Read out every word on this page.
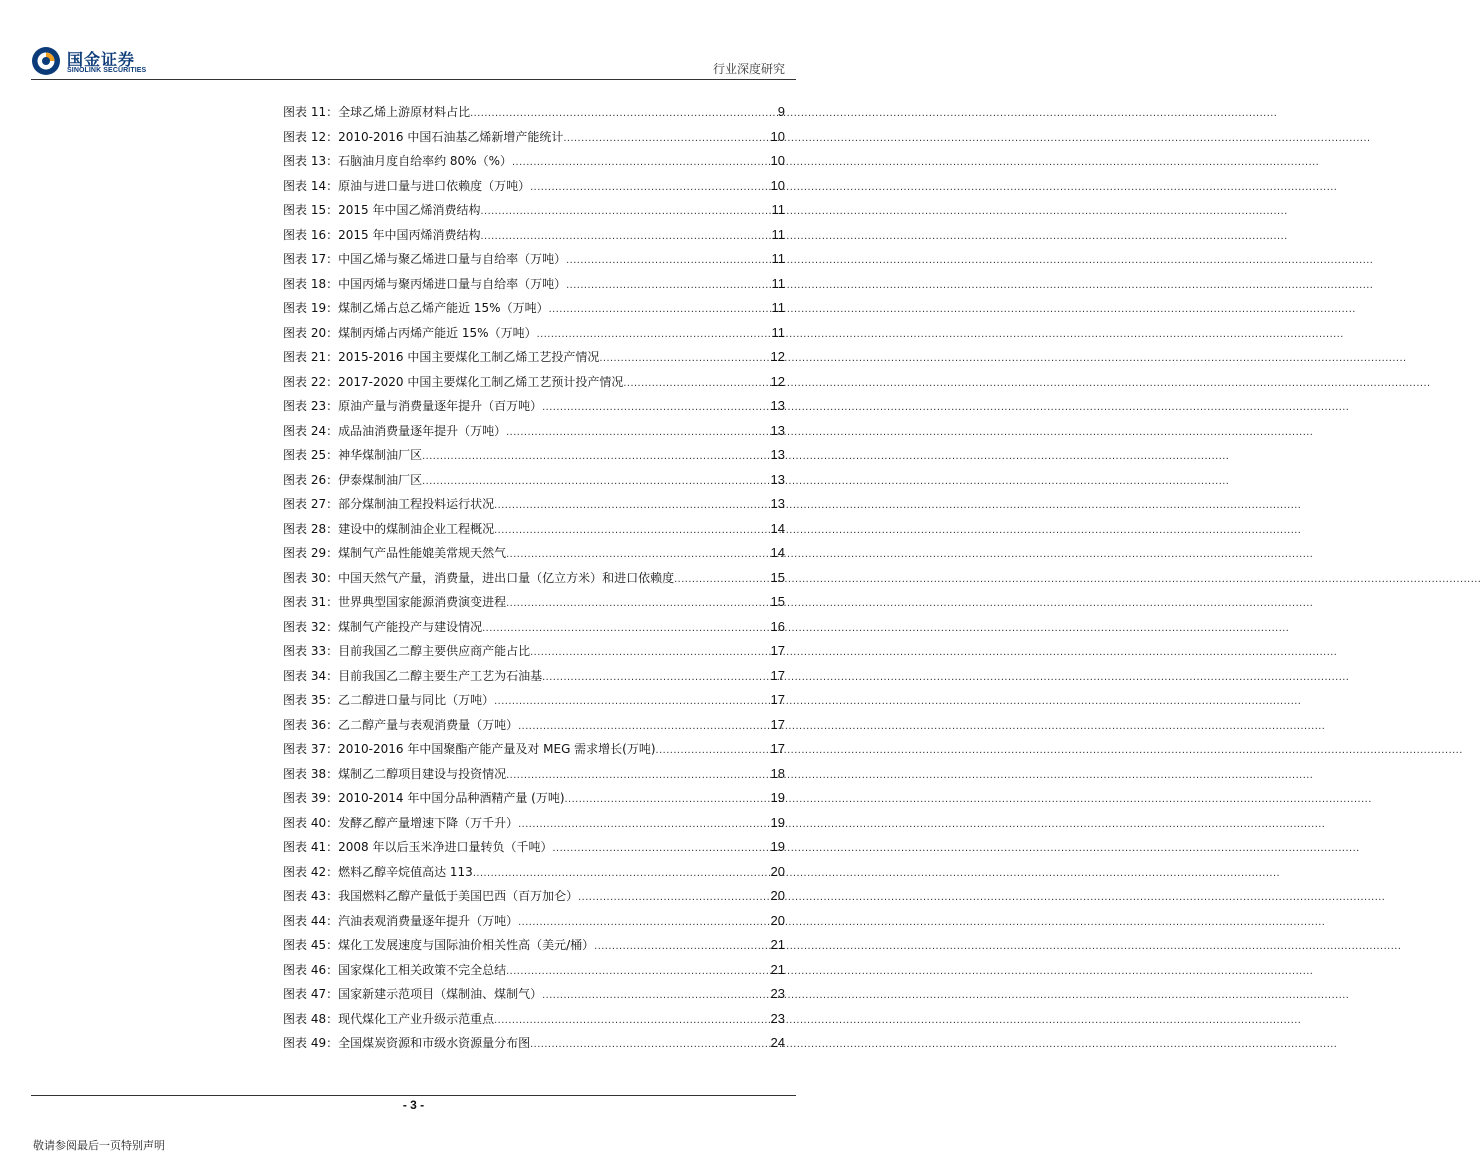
国金证券
SINOLINK SECURITIES	行业深度研究
图表 11： 全球乙烯上游原材料占比 .....	9
图表 12： 2010-2016 中国石油基乙烯新增产能统计 .....	10
图表 13： 石脑油月度自给率约 80%（%） .....	10
图表 14： 原油与进口量与进口依赖度（万吨） .....	10
图表 15： 2015 年中国乙烯消费结构 .....	11
图表 16： 2015 年中国丙烯消费结构 .....	11
图表 17： 中国乙烯与聚乙烯进口量与自给率（万吨） .....	11
图表 18： 中国丙烯与聚丙烯进口量与自给率（万吨） .....	11
图表 19： 煤制乙烯占总乙烯产能近 15%（万吨） .....	11
图表 20： 煤制丙烯占丙烯产能近 15%（万吨） .....	11
图表 21： 2015-2016 中国主要煤化工制乙烯工艺投产情况 .....	12
图表 22： 2017-2020 中国主要煤化工制乙烯工艺预计投产情况 .....	12
图表 23： 原油产量与消费量逐年提升（百万吨） .....	13
图表 24： 成品油消费量逐年提升（万吨） .....	13
图表 25： 神华煤制油厂区 .....	13
图表 26： 伊泰煤制油厂区 .....	13
图表 27： 部分煤制油工程投料运行状况 .....	13
图表 28： 建设中的煤制油企业工程概况 .....	14
图表 29： 煤制气产品性能媲美常规天然气 .....	14
图表 30： 中国天然气产量，消费量，进出口量（亿立方米）和进口依赖度 .....	15
图表 31： 世界典型国家能源消费演变进程 .....	15
图表 32： 煤制气产能投产与建设情况 .....	16
图表 33： 目前我国乙二醇主要供应商产能占比 .....	17
图表 34： 目前我国乙二醇主要生产工艺为石油基 .....	17
图表 35： 乙二醇进口量与同比（万吨） .....	17
图表 36： 乙二醇产量与表观消费量（万吨） .....	17
图表 37： 2010-2016 年中国聚酯产能产量及对 MEG 需求增长(万吨) .....	17
图表 38： 煤制乙二醇项目建设与投资情况 .....	18
图表 39： 2010-2014 年中国分品种酒精产量 (万吨) .....	19
图表 40： 发酵乙醇产量增速下降（万千升） .....	19
图表 41： 2008 年以后玉米净进口量转负（千吨） .....	19
图表 42： 燃料乙醇辛烷值高达 113 .....	20
图表 43： 我国燃料乙醇产量低于美国巴西（百万加仑） .....	20
图表 44： 汽油表观消费量逐年提升（万吨） .....	20
图表 45： 煤化工发展速度与国际油价相关性高（美元/桶） .....	21
图表 46： 国家煤化工相关政策不完全总结 .....	21
图表 47： 国家新建示范项目（煤制油、煤制气） .....	23
图表 48： 现代煤化工产业升级示范重点 .....	23
图表 49： 全国煤炭资源和市级水资源量分布图 .....	24
- 3 -
敬请参阅最后一页特别声明
